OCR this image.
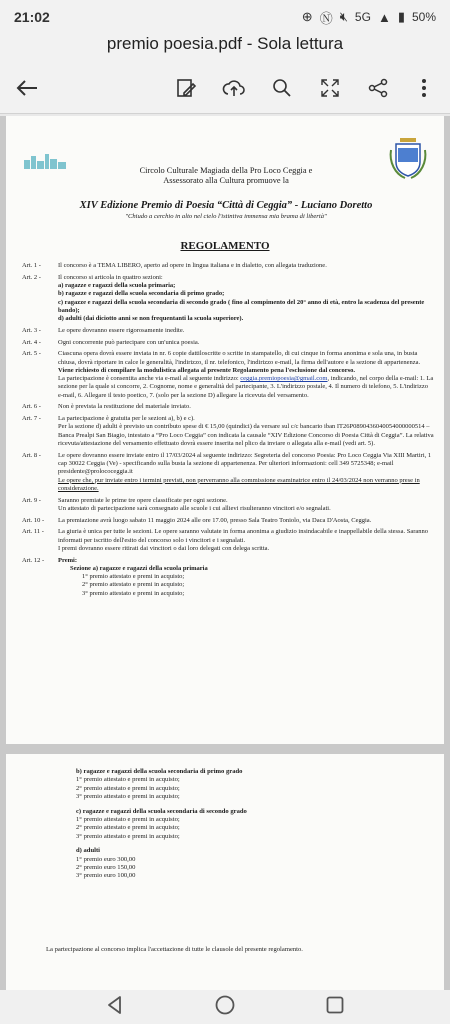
21:02	⊕ Ⓝ 🔇︎ 5G ▲ ▮ 50%
premio poesia.pdf - Sola lettura
Circolo Culturale Magiada della Pro Loco Ceggia e
Assessorato alla Cultura promuove la
XIV Edizione Premio di Poesia “Città di Ceggia” - Luciano Doretto
"Chiudo a cerchio in alto nel cielo l'istintiva immensa mia brama di libertà"
REGOLAMENTO
Art. 1 -	Il concorso è a TEMA LIBERO, aperto ad opere in lingua italiana e in dialetto, con allegata traduzione.

Art. 2 -	Il concorso si articola in quattro sezioni:

a) ragazze e ragazzi della scuola primaria;

b) ragazze e ragazzi della scuola secondaria di primo grado;

c) ragazze e ragazzi della scuola secondaria di secondo grado ( fino al compimento del 20° anno di età, entro la scadenza del presente bando);

d) adulti (dai diciotto anni se non frequentanti la scuola superiore).

Art. 3 -	Le opere dovranno essere rigorosamente inedite.

Art. 4 -	Ogni concorrente può partecipare con un'unica poesia.

Art. 5 -	Ciascuna opera dovrà essere inviata in nr. 6 copie dattiloscritte o scritte in stampatello, di cui cinque in forma anonima e sola una, in busta chiusa, dovrà riportare in calce le generalità, l'indirizzo, il nr. telefonico, l'indirizzo e-mail, la firma dell'autore e la sezione di appartenenza.

Viene richiesto di compilare la modulistica allegata al presente Regolamento pena l'esclusione dal concorso.

La partecipazione è consentita anche via e-mail al seguente indirizzo: ceggia.premiopoesia@gmail.com, indicando, nel corpo della e-mail: 1. La sezione per la quale si concorre, 2. Cognome, nome e generalità del partecipante, 3. L'indirizzo postale, 4. Il numero di telefono, 5. L'indirizzo e-mail, 6. Allegare il testo poetico, 7. (solo per la sezione D) allegare la ricevuta del versamento.

Art. 6 -	Non è prevista la restituzione del materiale inviato.

Art. 7 -	La partecipazione è gratuita per le sezioni a), b) e c).

Per la sezione d) adulti è previsto un contributo spese di € 15,00 (quindici) da versare sul c/c bancario iban IT26P0890436040054000000514 – Banca Prealpi San Biagio, intestato a “Pro Loco Ceggia” con indicata la causale “XIV Edizione Concorso di Poesia Città di Ceggia”. La relativa ricevuta/attestazione del versamento effettuato dovrà essere inserita nel plico da inviare o allegata alla e-mail (vedi art. 5).

Art. 8 -	Le opere dovranno essere inviate entro il 17/03/2024 al seguente indirizzo: Segreteria del concorso Poesia: Pro Loco Ceggia Via XIII Martiri, 1 cap 30022 Ceggia (Ve) - specificando sulla busta la sezione di appartenenza. Per ulteriori informazioni: cell 349 5725348; e-mail presidente@prolococeggia.it

Le opere che, pur inviate entro i termini previsti, non perverranno alla commissione esaminatrice entro il 24/03/2024 non verranno prese in considerazione.

Art. 9 -	Saranno premiate le prime tre opere classificate per ogni sezione.

Un attestato di partecipazione sarà consegnato alle scuole i cui allievi risulteranno vincitori e/o segnalati.

Art. 10 -	La premiazione avrà luogo sabato 11 maggio 2024 alle ore 17.00, presso Sala Teatro Toniolo, via Daca D'Aosta, Ceggia.

Art. 11 -	La giuria è unica per tutte le sezioni. Le opere saranno valutate in forma anonima a giudizio insindacabile e inappellabile della stessa. Saranno informati per iscritto dell'esito del concorso solo i vincitori e i segnalati.

I premi dovranno essere ritirati dai vincitori o dai loro delegati con delega scritta.

Art. 12 -	Premi:

Sezione a) ragazze e ragazzi della scuola primaria

1° premio attestato e premi in acquisto;

2° premio attestato e premi in acquisto;

3° premio attestato e premi in acquisto;

b) ragazze e ragazzi della scuola secondaria di primo grado

1° premio attestato e premi in acquisto;

2° premio attestato e premi in acquisto;

3° premio attestato e premi in acquisto;

c) ragazze e ragazzi della scuola secondaria di secondo grado

1° premio attestato e premi in acquisto;

2° premio attestato e premi in acquisto;

3° premio attestato e premi in acquisto;

d) adulti

1° premio euro 300,00

2° premio euro 150,00

3° premio euro 100,00

La partecipazione al concorso implica l'accettazione di tutte le clausole del presente regolamento.
